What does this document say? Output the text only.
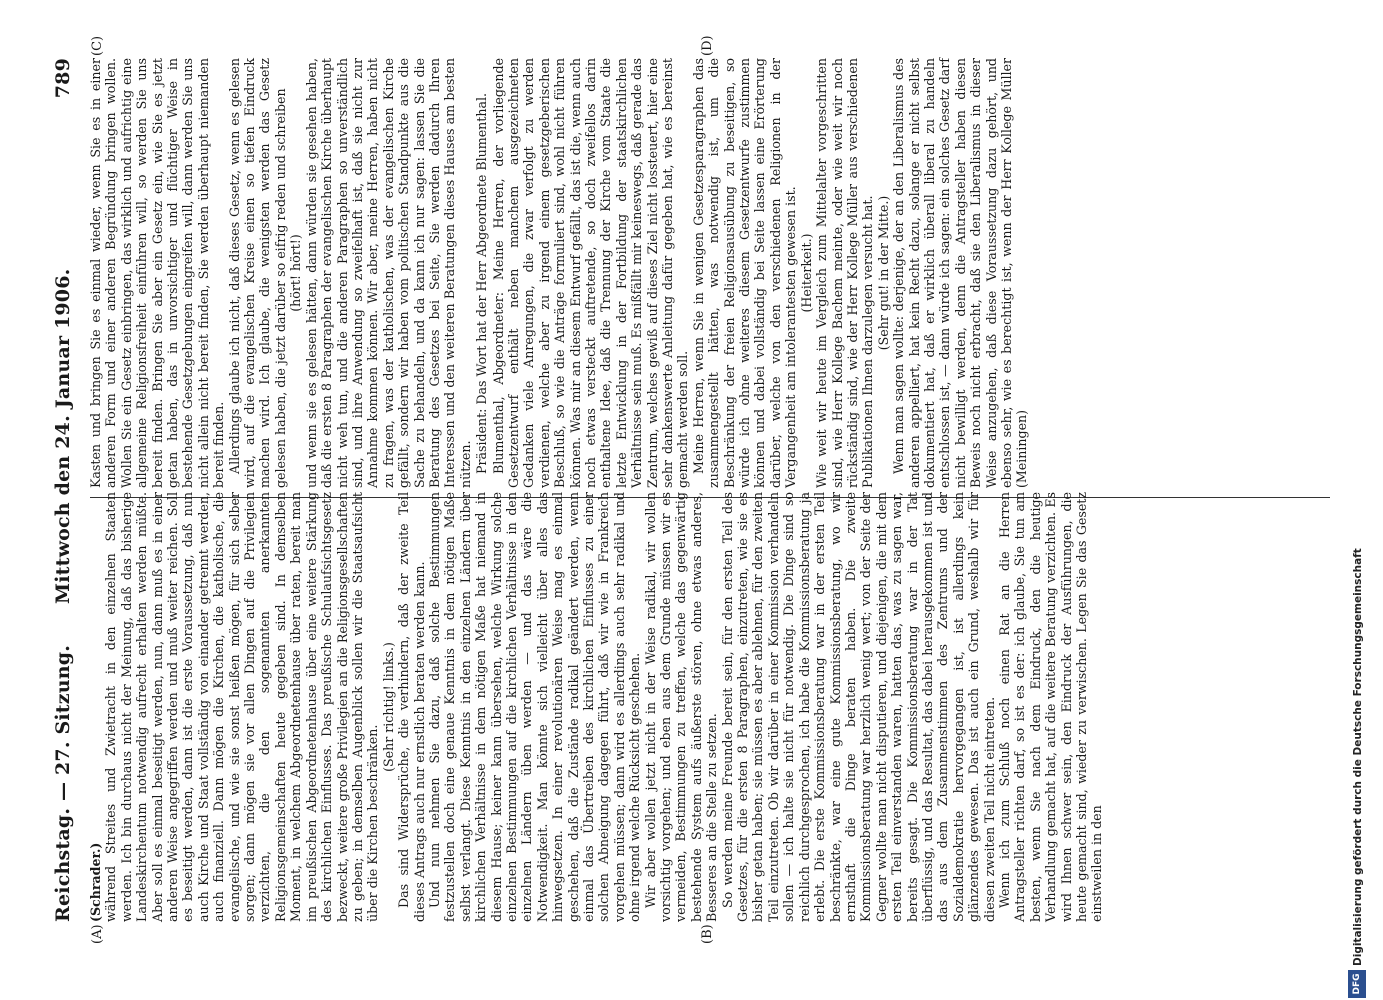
Reichstag. — 27. Sitzung.      Mittwoch den 24. Januar 1906.
789
(A)	(B)
(C)	(D)

(Schrader.) während Streites und Zwietracht in den einzelnen Staaten werden. Ich bin durchaus nicht der Meinung, daß das bisherige Landeskirchentum notwendig aufrecht erhalten werden müßte. Aber soll es einmal beseitigt werden, nun, dann muß es in einer anderen Weise angegriffen werden und muß weiter reichen. Soll es beseitigt werden, dann ist die erste Voraussetzung, daß nun auch Kirche und Staat vollständig von einander getrennt werden, auch finanziell. Dann mögen die Kirchen, die katholische, die evangelische, und wie sie sonst heißen mögen, für sich selber sorgen; dann mögen sie vor allen Dingen auf die Privilegien verzichten, die den sogenannten anerkannten Religionsgemeinschaften heute gegeben sind. In demselben Moment, in welchem Abgeordnetenhause über raten, bereit man im preußischen Abgeordnetenhause über eine weitere Stärkung des kirchlichen Einflusses. Das preußische Schulaufsichtsgesetz bezweckt, weitere große Privilegien an die Religionsgesellschaften zu geben; in demselben Augenblick sollen wir die Staatsaufsicht über die Kirchen beschränken.

(Sehr richtig! links.) Das sind Widersprüche, die verhindern, daß der zweite Teil dieses Antrags auch nur ernstlich beraten werden kann. Und nun nehmen Sie dazu, daß solche Bestimmungen festzustellen doch eine genaue Kenntnis in dem nötigen Maße selbst verlangt. Diese Kenntnis in den einzelnen Ländern über kirchlichen Verhältnisse in dem nötigen Maße hat niemand in diesem Hause; keiner kann übersehen, welche Wirkung solche einzelnen Bestimmungen auf die kirchlichen Verhältnisse in den einzelnen Ländern üben werden — und das wäre die Notwendigkeit. Man könnte sich vielleicht über alles das hinwegsetzen. In einer revolutionären Weise mag es einmal geschehen, daß die Zustände radikal geändert werden, wenn einmal das Übertreiben des kirchlichen Einflusses zu einer solchen Abneigung dagegen führt, daß wir wie in Frankreich vorgehen müssen; dann wird es allerdings auch sehr radikal und ohne irgend welche Rücksicht geschehen. Wir aber wollen jetzt nicht in der Weise radikal, wir wollen vorsichtig vorgehen; und eben aus dem Grunde müssen wir es vermeiden, Bestimmungen zu treffen, welche das gegenwärtig bestehende System aufs äußerste stören, ohne etwas anderes, Besseres an die Stelle zu setzen. So werden meine Freunde bereit sein, für den ersten Teil des Gesetzes, für die ersten 8 Paragraphen, einzutreten, wie sie es bisher getan haben; sie müssen es aber ablehnen, für den zweiten Teil einzutreten. Ob wir darüber in einer Kommission verhandeln sollen — ich halte sie nicht für notwendig. Die Dinge sind so reichlich durchgesprochen, ich habe die Kommissionsberatung ja erlebt. Die erste Kommissionsberatung war in der ersten Teil beschränkte, war eine gute Kommissionsberatung, wo wir ernsthaft die Dinge beraten haben. Die zweite Kommissionsberatung war herzlich wenig wert; von der Seite der Gegner wollte man nicht disputieren, und diejenigen, die mit dem ersten Teil einverstanden waren, hatten das, was zu sagen war, bereits gesagt. Die Kommissionsberatung war in der Tat überflüssig, und das Resultat, das dabei herausgekommen ist und das aus dem Zusammenstimmen des Zentrums und der Sozialdemokratie hervorgegangen ist, ist allerdings kein glänzendes gewesen. Das ist auch ein Grund, weshalb wir für diesen zweiten Teil nicht eintreten. Wenn ich zum Schluß noch einen Rat an die Herren Antragsteller richten darf, so ist es der: ich glaube, Sie tun am besten, wenn Sie nach dem Eindruck, den die heutige Verhandlung gemacht hat, auf die weitere Beratung verzichten. Es wird Ihnen schwer sein, den Eindruck der Ausführungen, die heute gemacht sind, wieder zu verwischen. Legen Sie das Gesetz einstweilen in den

Kasten und bringen Sie es einmal wieder, wenn Sie es in einer anderen Form und einer anderen Begründung bringen wollen. Wollen Sie ein Gesetz einbringen, das wirklich und aufrichtig eine allgemeine Religionsfreiheit einführen will, so werden Sie uns bereit finden. Bringen Sie aber ein Gesetz ein, wie Sie es jetzt getan haben, das in unvorsichtiger und flüchtiger Weise in bestehende Gesetzgebungen eingreifen will, dann werden Sie uns nicht allein nicht bereit finden, Sie werden überhaupt niemanden bereit finden. Allerdings glaube ich nicht, daß dieses Gesetz, wenn es gelesen wird, auf die evangelischen Kreise einen so tiefen Eindruck machen wird. Ich glaube, die wenigsten werden das Gesetz gelesen haben, die jetzt darüber so eifrig reden und schreiben (hört! hört!) und wenn sie es gelesen hätten, dann würden sie gesehen haben, daß die ersten 8 Paragraphen der evangelischen Kirche überhaupt nicht weh tun, und die anderen Paragraphen so unverständlich sind, und ihre Anwendung so zweifelhaft ist, daß sie nicht zur Annahme kommen können. Wir aber, meine Herren, haben nicht zu fragen, was der katholischen, was der evangelischen Kirche gefällt, sondern wir haben vom politischen Standpunkte aus die Sache zu behandeln, und da kann ich nur sagen: lassen Sie die Beratung des Gesetzes bei Seite, Sie werden dadurch Ihren Interessen und den weiteren Beratungen dieses Hauses am besten nützen. Präsident: Das Wort hat der Herr Abgeordnete Blumenthal. Blumenthal, Abgeordneter: Meine Herren, der vorliegende Gesetzentwurf enthält neben manchem ausgezeichneten Gedanken viele Anregungen, die zwar verfolgt zu werden verdienen, welche aber zu irgend einem gesetzgeberischen Beschluß, so wie die Anträge formuliert sind, wohl nicht führen können. Was mir an diesem Entwurf gefällt, das ist die, wenn auch noch etwas versteckt auftretende, so doch zweifellos darin enthaltene Idee, daß die Trennung der Kirche vom Staate die letzte Entwicklung in der Fortbildung der staatskirchlichen Verhältnisse sein muß. Es mißfällt mir keineswegs, daß gerade das Zentrum, welches gewiß auf dieses Ziel nicht lossteuert, hier eine sehr dankenswerte Anleitung dafür gegeben hat, wie es bereinst gemacht werden soll. Meine Herren, wenn Sie in wenigen Gesetzesparagraphen das zusammengestellt hätten, was notwendig ist, um die Beschränkung der freien Religionsausübung zu beseitigen, so würde ich ohne weiteres diesem Gesetzentwurfe zustimmen können und dabei vollständig bei Seite lassen eine Erörterung darüber, welche von den verschiedenen Religionen in der Vergangenheit am intolerantesten gewesen ist. (Heiterkeit.) Wie weit wir heute im Vergleich zum Mittelalter vorgeschritten sind, wie Herr Kollege Bachem meinte, oder wie weit wir noch rückständig sind, wie der Herr Kollege Müller aus verschiedenen Publikationen Ihnen darzulegen versucht hat. (Sehr gut! in der Mitte.) Wenn man sagen wollte: derjenige, der an den Liberalismus des anderen appelliert, hat kein Recht dazu, solange er nicht selbst dokumentiert hat, daß er wirklich überall liberal zu handeln entschlossen ist, — dann würde ich sagen: ein solches Gesetz darf nicht bewilligt werden, denn die Antragsteller haben diesen Beweis noch nicht erbracht, daß sie den Liberalismus in dieser Weise anzugehen, daß diese Voraussetzung dazu gehört, und ebenso sehr, wie es berechtigt ist, wenn der Herr Kollege Müller (Meiningen)

DFG
Digitalisierung gefördert durch die Deutsche Forschungsgemeinschaft
